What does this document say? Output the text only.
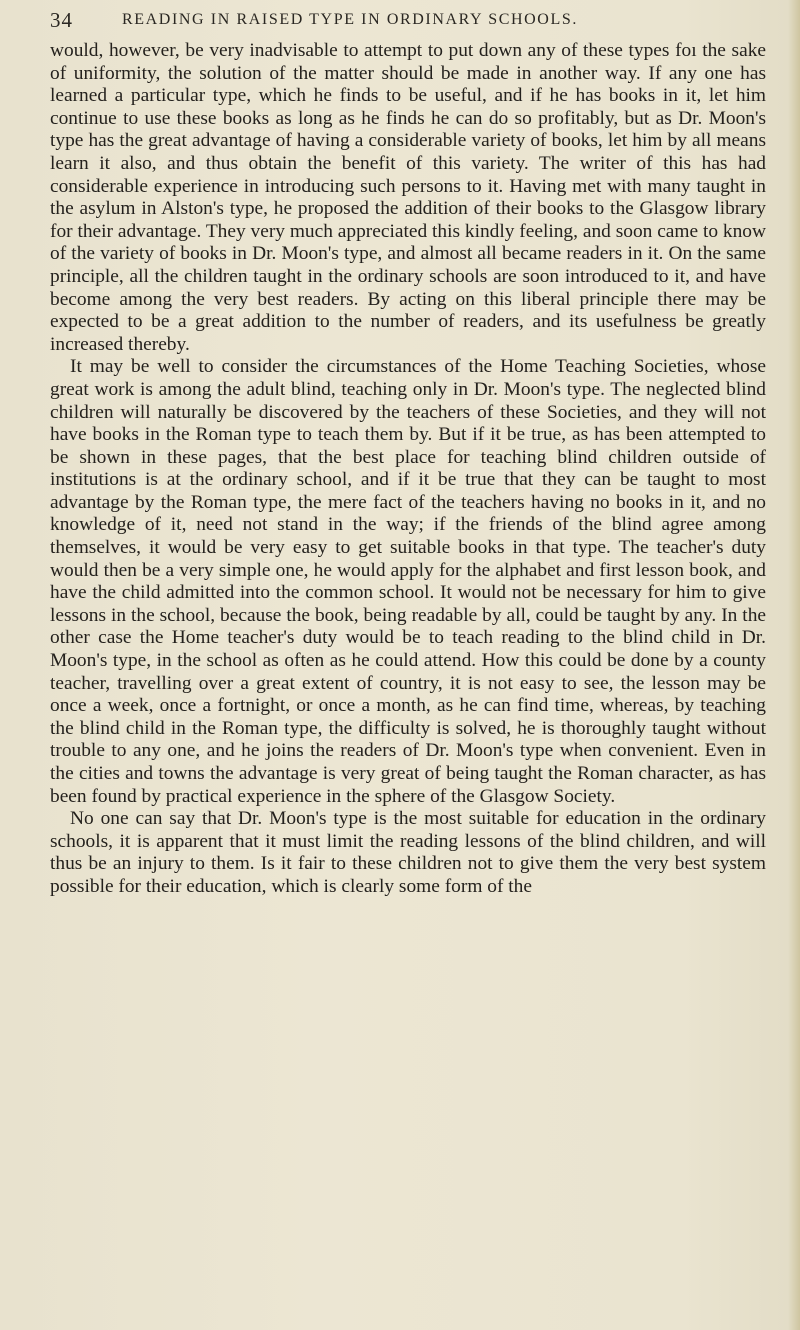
34	READING IN RAISED TYPE IN ORDINARY SCHOOLS.

would, however, be very inadvisable to attempt to put down any of these types foı the sake of uniformity, the solution of the matter should be made in another way. If any one has learned a particular type, which he finds to be useful, and if he has books in it, let him continue to use these books as long as he finds he can do so profitably, but as Dr. Moon's type has the great advantage of having a considerable variety of books, let him by all means learn it also, and thus obtain the benefit of this variety. The writer of this has had considerable experience in introducing such persons to it. Having met with many taught in the asylum in Alston's type, he proposed the addition of their books to the Glasgow library for their advantage. They very much appreciated this kindly feeling, and soon came to know of the variety of books in Dr. Moon's type, and almost all became readers in it. On the same principle, all the children taught in the ordinary schools are soon introduced to it, and have become among the very best readers. By acting on this liberal principle there may be expected to be a great addition to the number of readers, and its usefulness be greatly increased thereby.

It may be well to consider the circumstances of the Home Teaching Societies, whose great work is among the adult blind, teaching only in Dr. Moon's type. The neglected blind children will naturally be discovered by the teachers of these Societies, and they will not have books in the Roman type to teach them by. But if it be true, as has been attempted to be shown in these pages, that the best place for teaching blind children outside of institutions is at the ordinary school, and if it be true that they can be taught to most advantage by the Roman type, the mere fact of the teachers having no books in it, and no knowledge of it, need not stand in the way; if the friends of the blind agree among themselves, it would be very easy to get suitable books in that type. The teacher's duty would then be a very simple one, he would apply for the alphabet and first lesson book, and have the child admitted into the common school. It would not be necessary for him to give lessons in the school, because the book, being readable by all, could be taught by any. In the other case the Home teacher's duty would be to teach reading to the blind child in Dr. Moon's type, in the school as often as he could attend. How this could be done by a county teacher, travelling over a great extent of country, it is not easy to see, the lesson may be once a week, once a fortnight, or once a month, as he can find time, whereas, by teaching the blind child in the Roman type, the difficulty is solved, he is thoroughly taught without trouble to any one, and he joins the readers of Dr. Moon's type when convenient. Even in the cities and towns the advantage is very great of being taught the Roman character, as has been found by practical experience in the sphere of the Glasgow Society.

No one can say that Dr. Moon's type is the most suitable for education in the ordinary schools, it is apparent that it must limit the reading lessons of the blind children, and will thus be an injury to them. Is it fair to these children not to give them the very best system possible for their education, which is clearly some form of the
